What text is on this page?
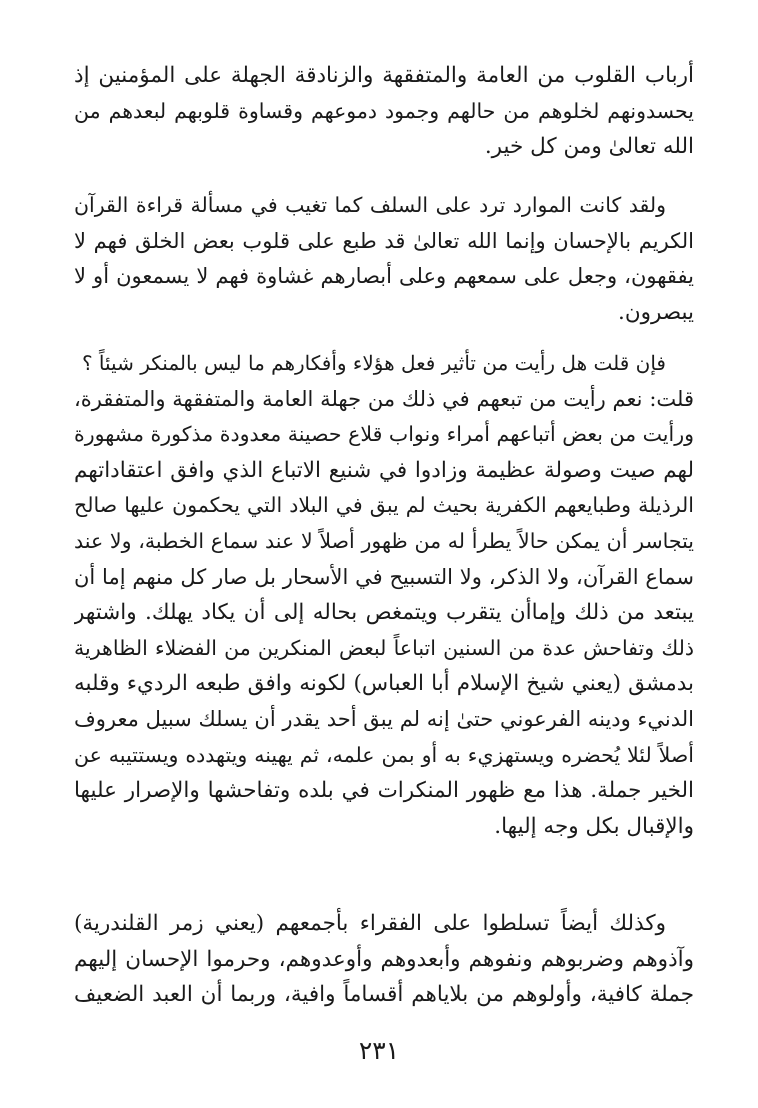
أرباب القلوب من العامة والمتفقهة والزنادقة الجهلة على المؤمنين إذ
يحسدونهم لخلوهم من حالهم وجمود دموعهم وقساوة قلوبهم لبعدهم من
الله تعالىٰ ومن كل خير.
ولقد كانت الموارد ترد على السلف كما تغيب في مسألة قراءة القرآن
الكريم بالإحسان وإنما الله تعالىٰ قد طبع على قلوب بعض الخلق فهم لا
يفقهون، وجعل على سمعهم وعلى أبصارهم غشاوة فهم لا يسمعون أو لا
يبصرون.
فإن قلت هل رأيت من تأثير فعل هؤلاء وأفكارهم ما ليس بالمنكر شيئاً ؟
قلت: نعم رأيت من تبعهم في ذلك من جهلة العامة والمتفقهة والمتفقرة،
ورأيت من بعض أتباعهم أمراء ونواب قلاع حصينة معدودة مذكورة مشهورة
لهم صيت وصولة عظيمة وزادوا في شنيع الاتباع الذي وافق اعتقاداتهم
الرذيلة وطبايعهم الكفرية بحيث لم يبق في البلاد التي يحكمون عليها صالح
يتجاسر أن يمكن حالاً يطرأ له من ظهور أصلاً لا عند سماع الخطبة، ولا عند
سماع القرآن، ولا الذكر، ولا التسبيح في الأسحار بل صار كل منهم إما أن
يبتعد من ذلك وإماأن يتقرب ويتمغص بحاله إلى أن يكاد يهلك. واشتهر
ذلك وتفاحش عدة من السنين اتباعاً لبعض المنكرين من الفضلاء الظاهرية
بدمشق (يعني شيخ الإسلام أبا العباس) لكونه وافق طبعه الرديء وقلبه
الدنيء ودينه الفرعوني حتىٰ إنه لم يبق أحد يقدر أن يسلك سبيل معروف
أصلاً لئلا يُحضره ويستهزيء به أو بمن علمه، ثم يهينه ويتهدده ويستتيبه عن
الخير جملة. هذا مع ظهور المنكرات في بلده وتفاحشها والإصرار عليها
والإقبال بكل وجه إليها.
وكذلك أيضاً تسلطوا على الفقراء بأجمعهم (يعني زمر القلندرية)
وآذوهم وضربوهم ونفوهم وأبعدوهم وأوعدوهم، وحرموا الإحسان إليهم
جملة كافية، وأولوهم من بلاياهم أقساماً وافية، وربما أن العبد الضعيف
٢٣١
